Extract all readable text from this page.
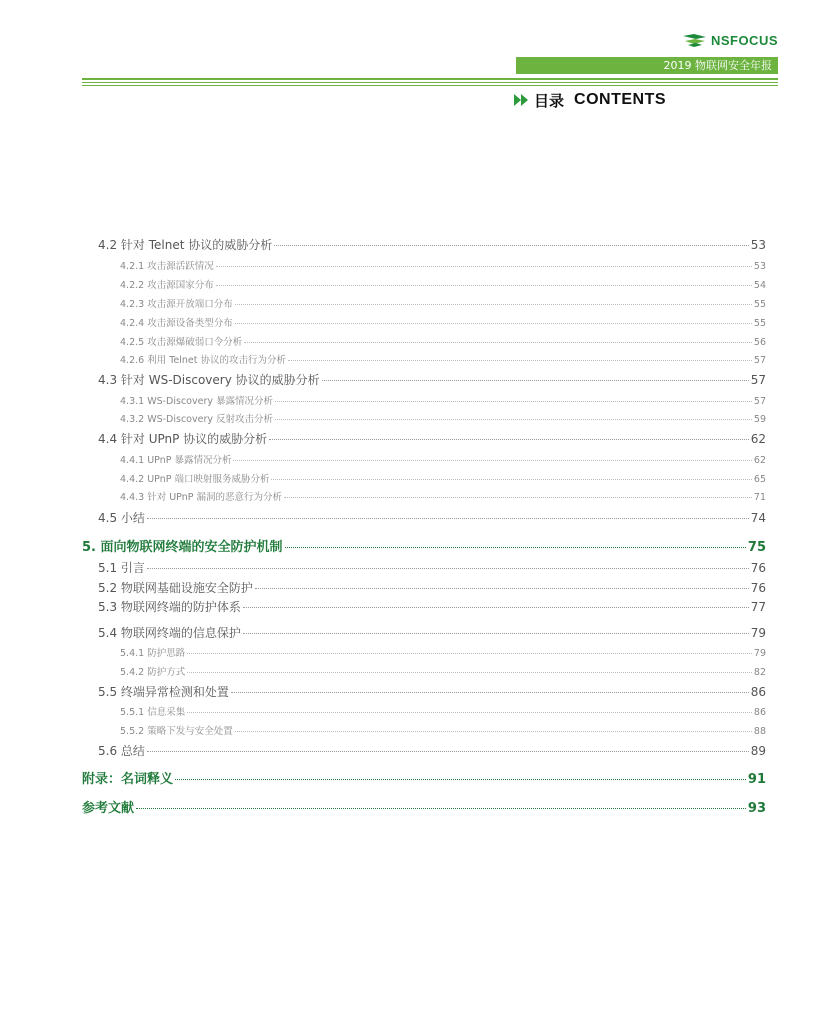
NSFOCUS
2019 物联网安全年报
目录 CONTENTS
4.2 针对 Telnet 协议的威胁分析	53
4.2.1 攻击源活跃情况	53
4.2.2 攻击源国家分布	54
4.2.3 攻击源开放端口分布	55
4.2.4 攻击源设备类型分布	55
4.2.5 攻击源爆破弱口令分析	56
4.2.6 利用 Telnet 协议的攻击行为分析	57
4.3 针对 WS-Discovery 协议的威胁分析	57
4.3.1 WS-Discovery 暴露情况分析	57
4.3.2 WS-Discovery 反射攻击分析	59
4.4 针对 UPnP 协议的威胁分析	62
4.4.1 UPnP 暴露情况分析	62
4.4.2 UPnP 端口映射服务威胁分析	65
4.4.3 针对 UPnP 漏洞的恶意行为分析	71
4.5 小结	74
5. 面向物联网终端的安全防护机制	75
5.1 引言	76
5.2 物联网基础设施安全防护	76
5.3 物联网终端的防护体系	77
5.4 物联网终端的信息保护	79
5.4.1 防护思路	79
5.4.2 防护方式	82
5.5 终端异常检测和处置	86
5.5.1 信息采集	86
5.5.2 策略下发与安全处置	88
5.6 总结	89
附录：名词释义	91
参考文献	93
